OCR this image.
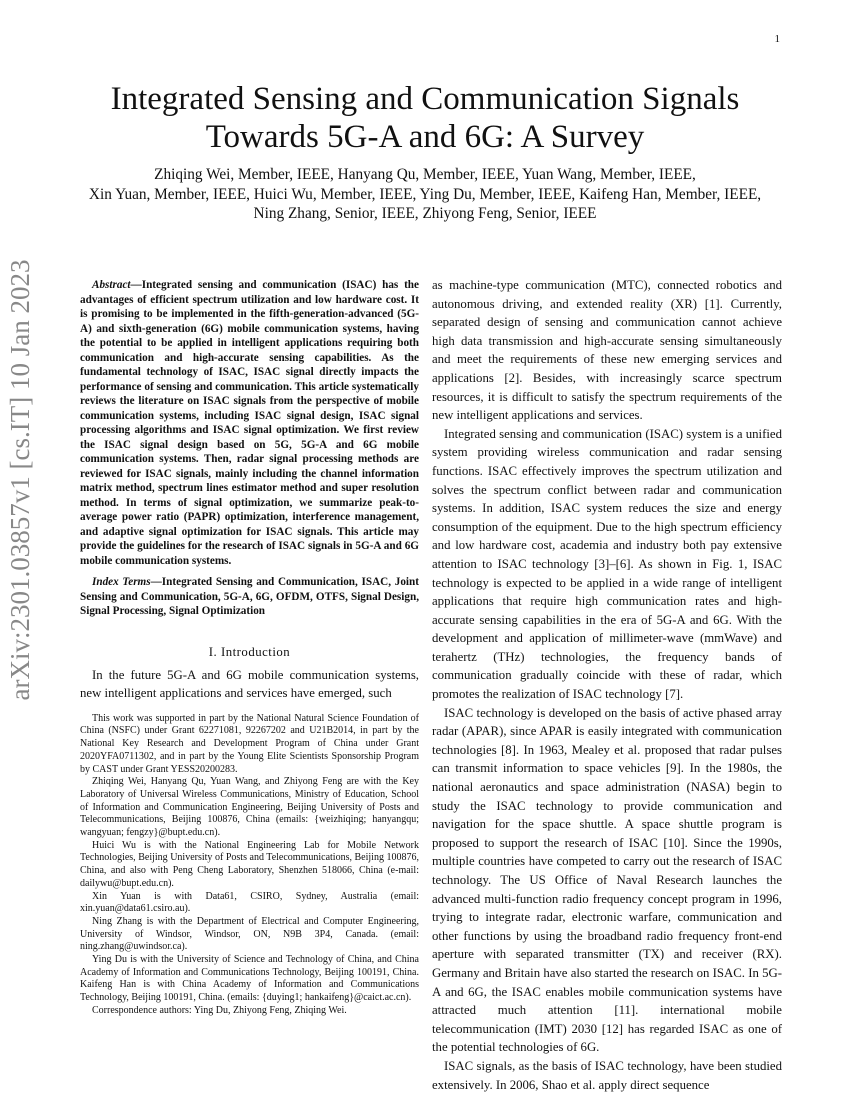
1
arXiv:2301.03857v1 [cs.IT] 10 Jan 2023
Integrated Sensing and Communication Signals Towards 5G-A and 6G: A Survey
Zhiqing Wei, Member, IEEE, Hanyang Qu, Member, IEEE, Yuan Wang, Member, IEEE,
Xin Yuan, Member, IEEE, Huici Wu, Member, IEEE, Ying Du, Member, IEEE, Kaifeng Han, Member, IEEE,
Ning Zhang, Senior, IEEE, Zhiyong Feng, Senior, IEEE

Abstract—Integrated sensing and communication (ISAC) has the advantages of efficient spectrum utilization and low hardware cost. It is promising to be implemented in the fifth-generation-advanced (5G-A) and sixth-generation (6G) mobile communication systems, having the potential to be applied in intelligent applications requiring both communication and high-accurate sensing capabilities. As the fundamental technology of ISAC, ISAC signal directly impacts the performance of sensing and communication. This article systematically reviews the literature on ISAC signals from the perspective of mobile communication systems, including ISAC signal design, ISAC signal processing algorithms and ISAC signal optimization. We first review the ISAC signal design based on 5G, 5G-A and 6G mobile communication systems. Then, radar signal processing methods are reviewed for ISAC signals, mainly including the channel information matrix method, spectrum lines estimator method and super resolution method. In terms of signal optimization, we summarize peak-to-average power ratio (PAPR) optimization, interference management, and adaptive signal optimization for ISAC signals. This article may provide the guidelines for the research of ISAC signals in 5G-A and 6G mobile communication systems.

Index Terms—Integrated Sensing and Communication, ISAC, Joint Sensing and Communication, 5G-A, 6G, OFDM, OTFS, Signal Design, Signal Processing, Signal Optimization

I. Introduction

In the future 5G-A and 6G mobile communication systems, new intelligent applications and services have emerged, such

This work was supported in part by the National Natural Science Foundation of China (NSFC) under Grant 62271081, 92267202 and U21B2014, in part by the National Key Research and Development Program of China under Grant 2020YFA0711302, and in part by the Young Elite Scientists Sponsorship Program by CAST under Grant YESS20200283.

Zhiqing Wei, Hanyang Qu, Yuan Wang, and Zhiyong Feng are with the Key Laboratory of Universal Wireless Communications, Ministry of Education, School of Information and Communication Engineering, Beijing University of Posts and Telecommunications, Beijing 100876, China (emails: {weizhiqing; hanyangqu; wangyuan; fengzy}@bupt.edu.cn).

Huici Wu is with the National Engineering Lab for Mobile Network Technologies, Beijing University of Posts and Telecommunications, Beijing 100876, China, and also with Peng Cheng Laboratory, Shenzhen 518066, China (e-mail: dailywu@bupt.edu.cn).

Xin Yuan is with Data61, CSIRO, Sydney, Australia (email: xin.yuan@data61.csiro.au).

Ning Zhang is with the Department of Electrical and Computer Engineering, University of Windsor, Windsor, ON, N9B 3P4, Canada. (email: ning.zhang@uwindsor.ca).

Ying Du is with the University of Science and Technology of China, and China Academy of Information and Communications Technology, Beijing 100191, China. Kaifeng Han is with China Academy of Information and Communications Technology, Beijing 100191, China. (emails: {duying1; hankaifeng}@caict.ac.cn).

Correspondence authors: Ying Du, Zhiyong Feng, Zhiqing Wei.

as machine-type communication (MTC), connected robotics and autonomous driving, and extended reality (XR) [1]. Currently, separated design of sensing and communication cannot achieve high data transmission and high-accurate sensing simultaneously and meet the requirements of these new emerging services and applications [2]. Besides, with increasingly scarce spectrum resources, it is difficult to satisfy the spectrum requirements of the new intelligent applications and services.

Integrated sensing and communication (ISAC) system is a unified system providing wireless communication and radar sensing functions. ISAC effectively improves the spectrum utilization and solves the spectrum conflict between radar and communication systems. In addition, ISAC system reduces the size and energy consumption of the equipment. Due to the high spectrum efficiency and low hardware cost, academia and industry both pay extensive attention to ISAC technology [3]–[6]. As shown in Fig. 1, ISAC technology is expected to be applied in a wide range of intelligent applications that require high communication rates and high-accurate sensing capabilities in the era of 5G-A and 6G. With the development and application of millimeter-wave (mmWave) and terahertz (THz) technologies, the frequency bands of communication gradually coincide with these of radar, which promotes the realization of ISAC technology [7].

ISAC technology is developed on the basis of active phased array radar (APAR), since APAR is easily integrated with communication technologies [8]. In 1963, Mealey et al. proposed that radar pulses can transmit information to space vehicles [9]. In the 1980s, the national aeronautics and space administration (NASA) begin to study the ISAC technology to provide communication and navigation for the space shuttle. A space shuttle program is proposed to support the research of ISAC [10]. Since the 1990s, multiple countries have competed to carry out the research of ISAC technology. The US Office of Naval Research launches the advanced multi-function radio frequency concept program in 1996, trying to integrate radar, electronic warfare, communication and other functions by using the broadband radio frequency front-end aperture with separated transmitter (TX) and receiver (RX). Germany and Britain have also started the research on ISAC. In 5G-A and 6G, the ISAC enables mobile communication systems have attracted much attention [11]. international mobile telecommunication (IMT) 2030 [12] has regarded ISAC as one of the potential technologies of 6G.

ISAC signals, as the basis of ISAC technology, have been studied extensively. In 2006, Shao et al. apply direct sequence
